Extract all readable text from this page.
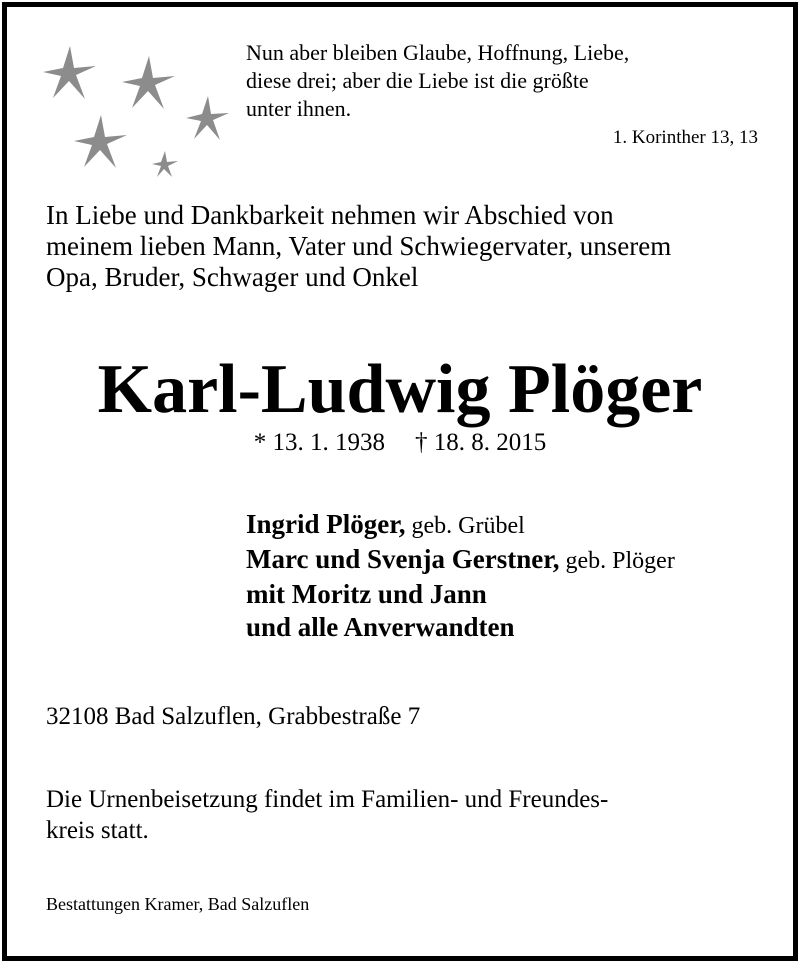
Nun aber bleiben Glaube, Hoffnung, Liebe,
diese drei; aber die Liebe ist die größte
unter ihnen.
1. Korinther 13, 13
In Liebe und Dankbarkeit nehmen wir Abschied von
meinem lieben Mann, Vater und Schwiegervater, unserem
Opa, Bruder, Schwager und Onkel
Karl-Ludwig Plöger
* 13. 1. 1938 † 18. 8. 2015
Ingrid Plöger, geb. Grübel
Marc und Svenja Gerstner, geb. Plöger
mit Moritz und Jann
und alle Anverwandten
32108 Bad Salzuflen, Grabbestraße 7
Die Urnenbeisetzung findet im Familien- und Freundes-
kreis statt.
Bestattungen Kramer, Bad Salzuflen
